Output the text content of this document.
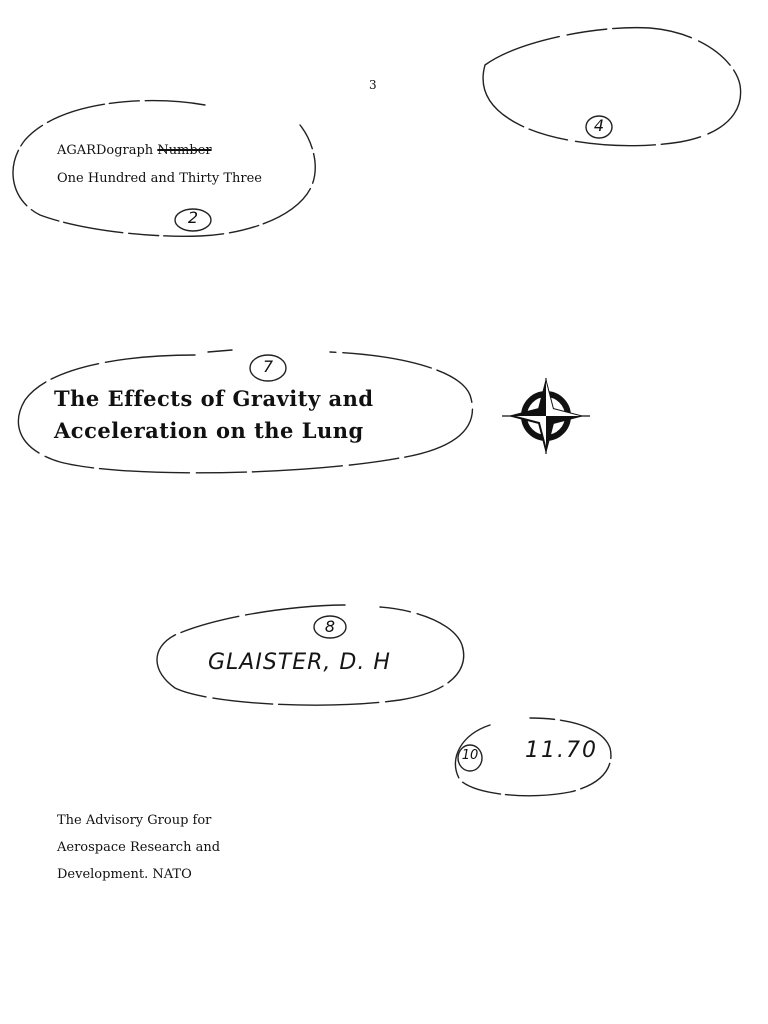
3
AGARDograph Number
One Hundred and Thirty Three
The Effects of Gravity and
Acceleration on the Lung
2
4
7
8
10
GLAISTER, D. H
11.70
The Advisory Group for
Aerospace Research and
Development. NATO
